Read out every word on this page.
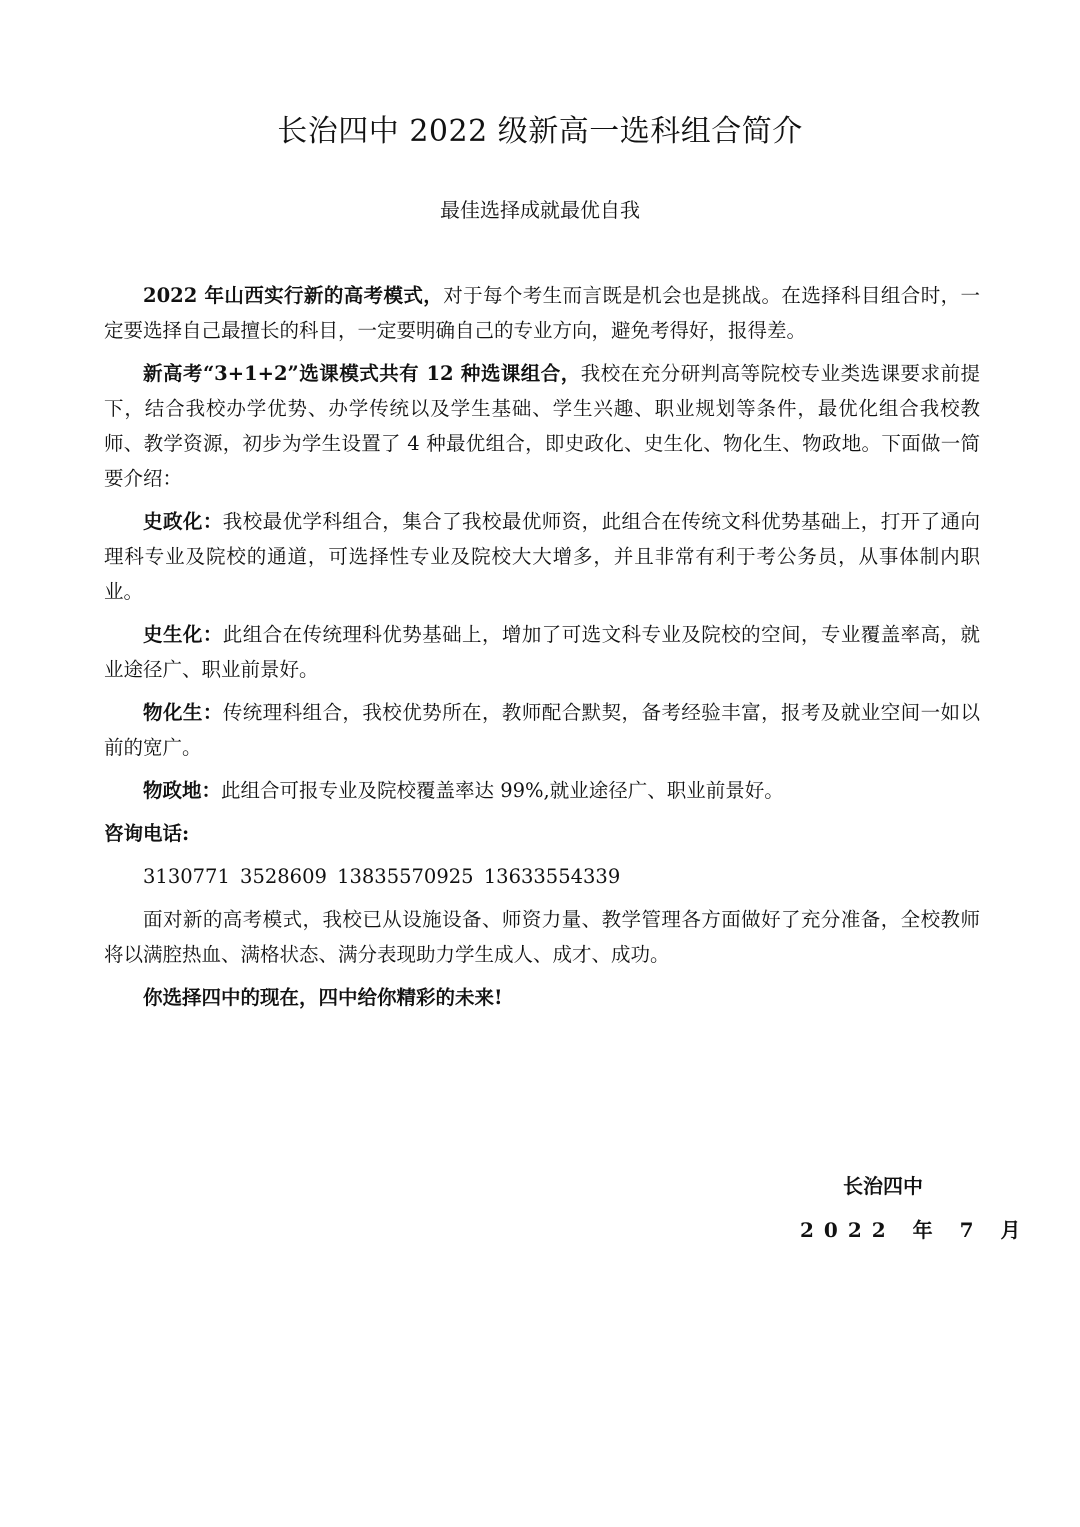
长治四中 2022 级新高一选科组合简介
最佳选择成就最优自我

2022 年山西实行新的高考模式，对于每个考生而言既是机会也是挑战。在选择科目组合时，一定要选择自己最擅长的科目，一定要明确自己的专业方向，避免考得好，报得差。

新高考“3+1+2”选课模式共有 12 种选课组合，我校在充分研判高等院校专业类选课要求前提下，结合我校办学优势、办学传统以及学生基础、学生兴趣、职业规划等条件，最优化组合我校教师、教学资源，初步为学生设置了 4 种最优组合，即史政化、史生化、物化生、物政地。下面做一简要介绍：

史政化：我校最优学科组合，集合了我校最优师资，此组合在传统文科优势基础上，打开了通向理科专业及院校的通道，可选择性专业及院校大大增多，并且非常有利于考公务员，从事体制内职业。

史生化：此组合在传统理科优势基础上，增加了可选文科专业及院校的空间，专业覆盖率高，就业途径广、职业前景好。

物化生：传统理科组合，我校优势所在，教师配合默契，备考经验丰富，报考及就业空间一如以前的宽广。

物政地：此组合可报专业及院校覆盖率达 99%,就业途径广、职业前景好。

咨询电话:

3130771 3528609 13835570925 13633554339

面对新的高考模式，我校已从设施设备、师资力量、教学管理各方面做好了充分准备，全校教师将以满腔热血、满格状态、满分表现助力学生成人、成才、成功。

你选择四中的现在，四中给你精彩的未来!

长治四中
2022 年 7 月
